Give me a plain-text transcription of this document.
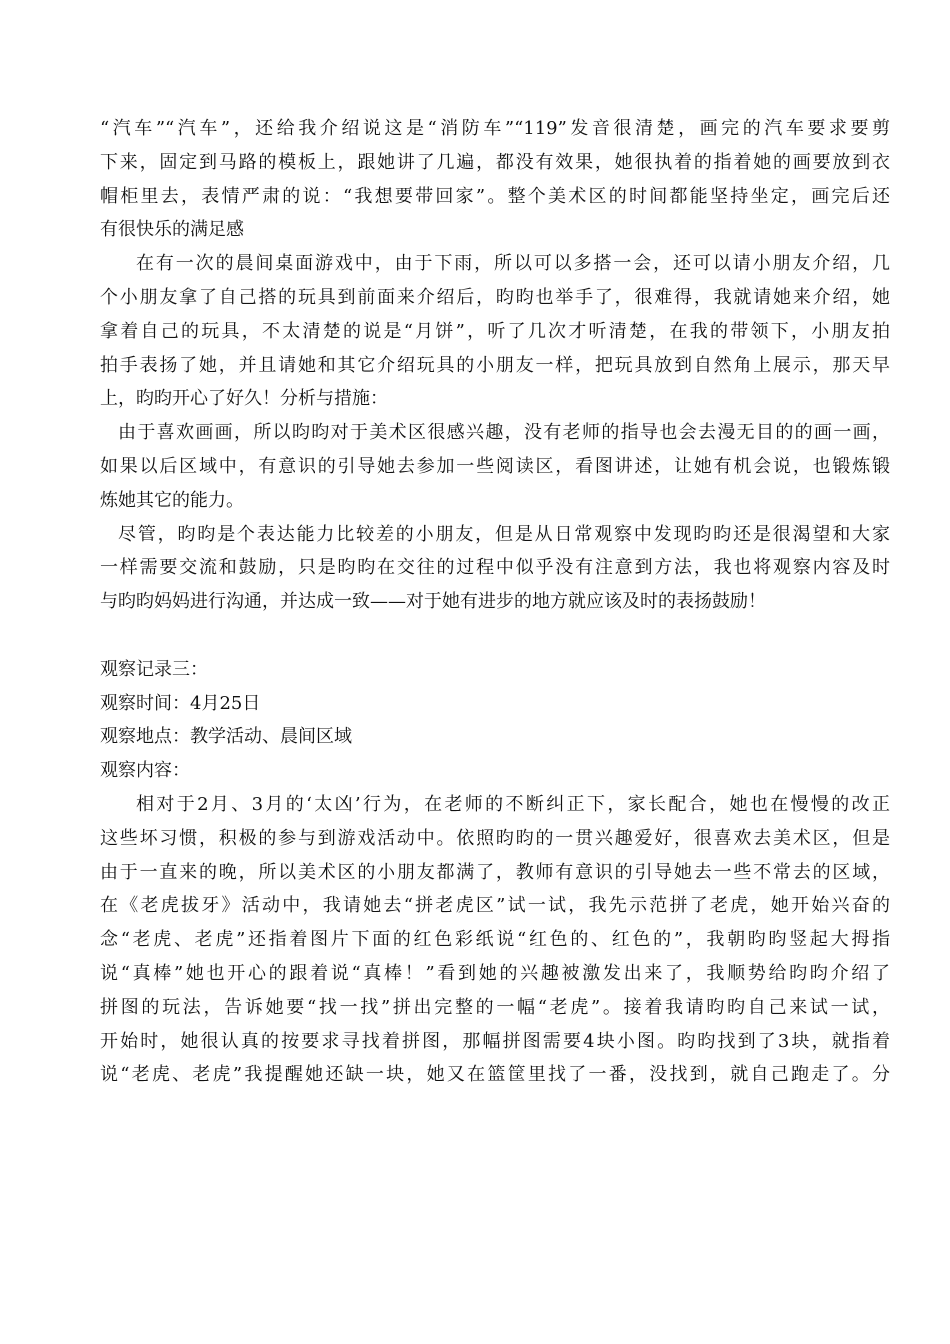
“汽车”“汽车”，还给我介绍说这是“消防车”“119”发音很清楚，画完的汽车要求要剪
下来，固定到马路的模板上，跟她讲了几遍，都没有效果，她很执着的指着她的画要放到衣
帽柜里去，表情严肃的说：“我想要带回家”。整个美术区的时间都能坚持坐定，画完后还
有很快乐的满足感
在有一次的晨间桌面游戏中，由于下雨，所以可以多搭一会，还可以请小朋友介绍，几
个小朋友拿了自己搭的玩具到前面来介绍后，昀昀也举手了，很难得，我就请她来介绍，她
拿着自己的玩具，不太清楚的说是“月饼”，听了几次才听清楚，在我的带领下，小朋友拍
拍手表扬了她，并且请她和其它介绍玩具的小朋友一样，把玩具放到自然角上展示，那天早
上，昀昀开心了好久！分析与措施：
由于喜欢画画，所以昀昀对于美术区很感兴趣，没有老师的指导也会去漫无目的的画一画，
如果以后区域中，有意识的引导她去参加一些阅读区，看图讲述，让她有机会说，也锻炼锻
炼她其它的能力。
尽管，昀昀是个表达能力比较差的小朋友，但是从日常观察中发现昀昀还是很渴望和大家
一样需要交流和鼓励，只是昀昀在交往的过程中似乎没有注意到方法，我也将观察内容及时
与昀昀妈妈进行沟通，并达成一致——对于她有进步的地方就应该及时的表扬鼓励！
观察记录三：
观察时间：4月25日
观察地点：教学活动、晨间区域
观察内容：
相对于2月、3月的‘太凶’行为，在老师的不断纠正下，家长配合，她也在慢慢的改正
这些坏习惯，积极的参与到游戏活动中。依照昀昀的一贯兴趣爱好，很喜欢去美术区，但是
由于一直来的晚，所以美术区的小朋友都满了，教师有意识的引导她去一些不常去的区域，
在《老虎拔牙》活动中，我请她去“拼老虎区”试一试，我先示范拼了老虎，她开始兴奋的
念“老虎、老虎”还指着图片下面的红色彩纸说“红色的、红色的”，我朝昀昀竖起大拇指
说“真棒”她也开心的跟着说“真棒！”看到她的兴趣被激发出来了，我顺势给昀昀介绍了
拼图的玩法，告诉她要“找一找”拼出完整的一幅“老虎”。接着我请昀昀自己来试一试，
开始时，她很认真的按要求寻找着拼图，那幅拼图需要4块小图。昀昀找到了3块，就指着
说“老虎、老虎”我提醒她还缺一块，她又在篮筐里找了一番，没找到，就自己跑走了。分
